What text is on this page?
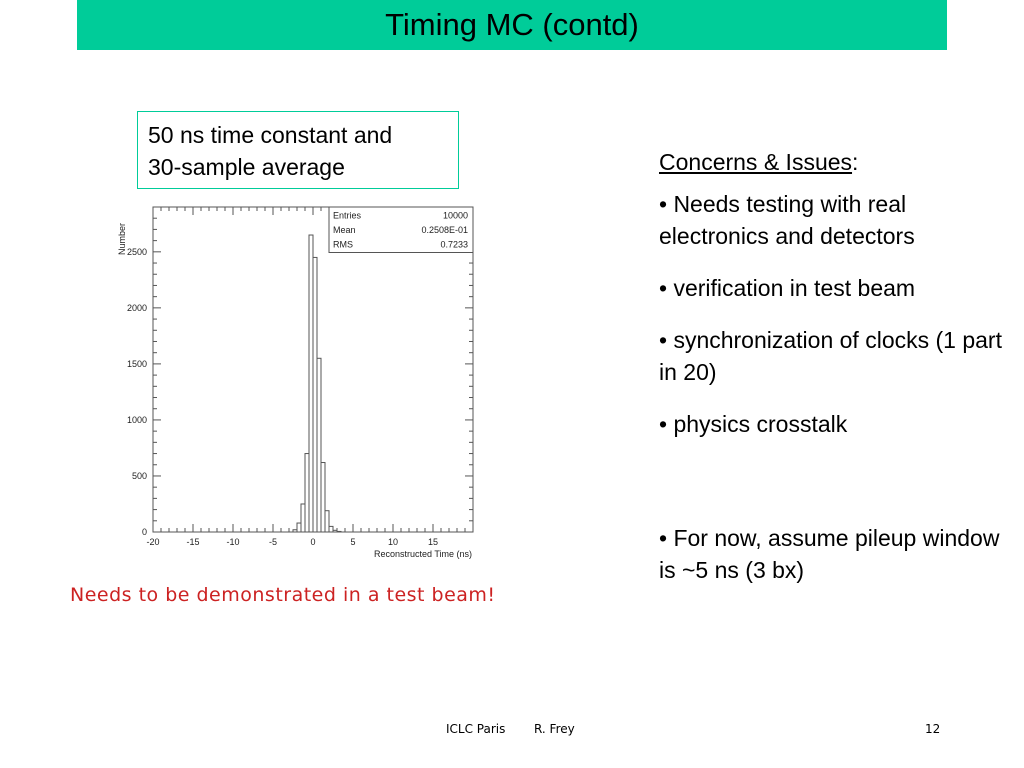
Timing MC (contd)
50 ns time constant and
30-sample average
0
500
1000
1500
2000
2500
-20	-15	-10	-5	0	5	10	15
Number
Reconstructed Time (ns)
Entries	10000
Mean	0.2508E-01
RMS	0.7233
Needs to be demonstrated in a test beam!

Concerns & Issues:

• Needs testing with real electronics and detectors

• verification in test beam

• synchronization of clocks (1 part in 20)

• physics crosstalk

• For now, assume pileup window is ~5 ns (3 bx)

ICLC Paris R. Frey	12
